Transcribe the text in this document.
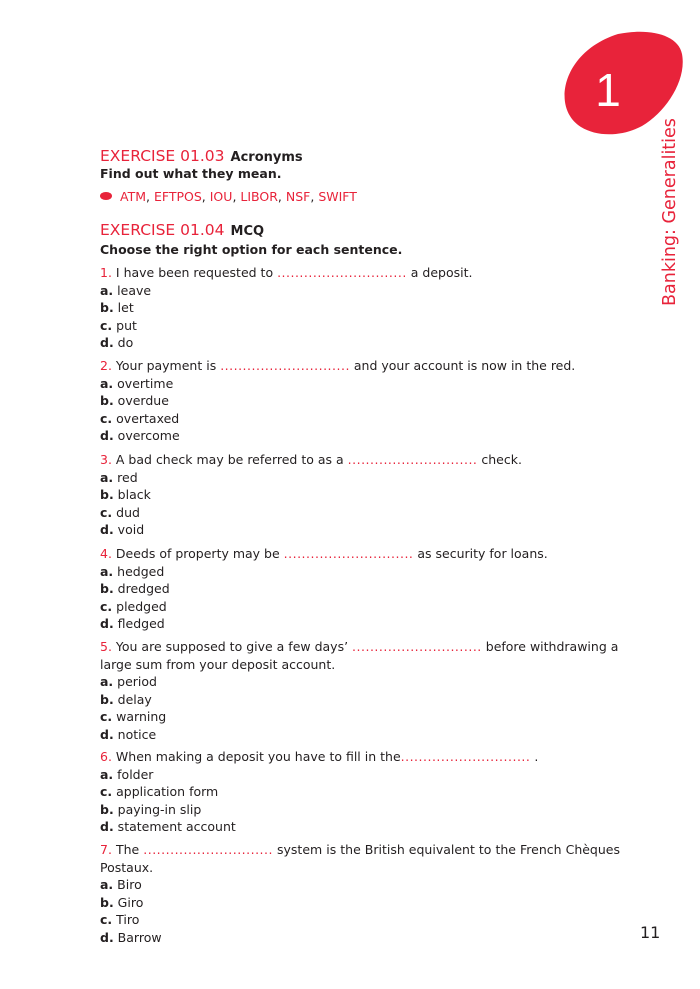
1
Banking: Generalities
EXERCISE 01.03 Acronyms
Find out what they mean.
ATM, EFTPOS, IOU, LIBOR, NSF, SWIFT
EXERCISE 01.04 MCQ
Choose the right option for each sentence.

1. I have been requested to ............................. a deposit.

a. leave

b. let

c. put

d. do

2. Your payment is ............................. and your account is now in the red.

a. overtime

b. overdue

c. overtaxed

d. overcome

3. A bad check may be referred to as a ............................. check.

a. red

b. black

c. dud

d. void

4. Deeds of property may be ............................. as security for loans.

a. hedged

b. dredged

c. pledged

d. fledged

5. You are supposed to give a few days’ ............................. before withdrawing a large sum from your deposit account.

a. period

b. delay

c. warning

d. notice

6. When making a deposit you have to fill in the............................. .

a. folder

c. application form

b. paying-in slip

d. statement account

7. The ............................. system is the British equivalent to the French Chèques Postaux.

a. Biro

b. Giro

c. Tiro

d. Barrow	11
